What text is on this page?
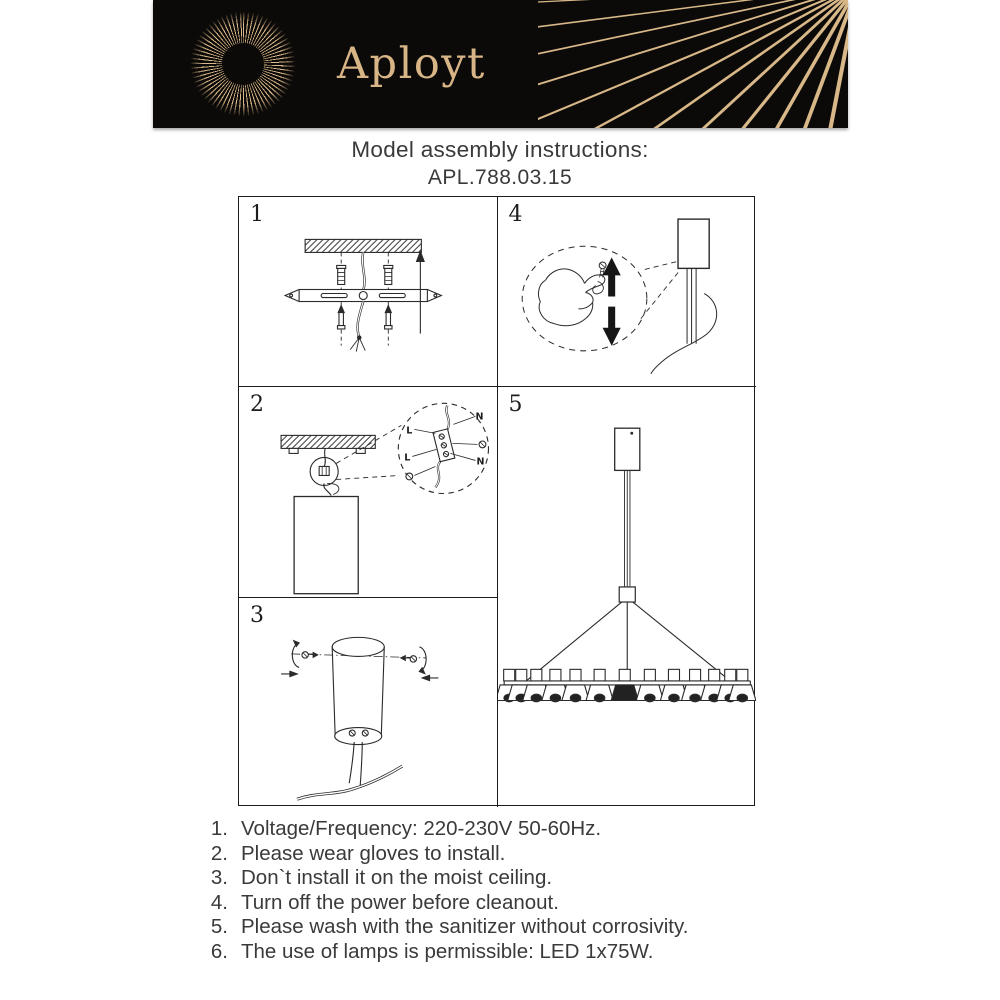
Aployt
Model assembly instructions:
APL.788.03.15
1
2	N
L
L	N
3
4
5
1. Voltage/Frequency: 220-230V 50-60Hz.
2. Please wear gloves to install.
3. Don`t install it on the moist ceiling.
4. Turn off the power before cleanout.
5. Please wash with the sanitizer without corrosivity.
6. The use of lamps is permissible: LED 1x75W.
